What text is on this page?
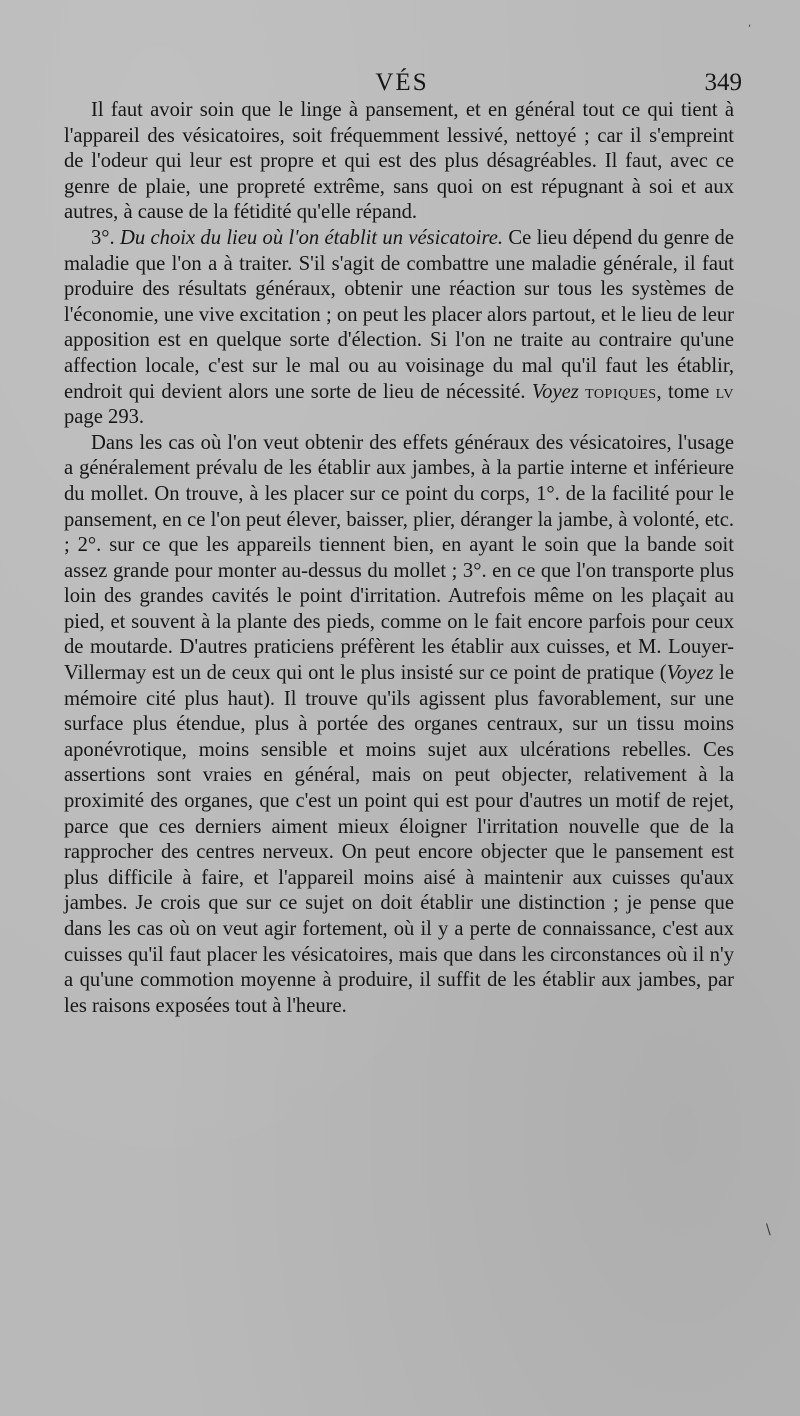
VÉS	349

Il faut avoir soin que le linge à pansement, et en général tout ce qui tient à l'appareil des vésicatoires, soit fréquemment lessivé, nettoyé ; car il s'empreint de l'odeur qui leur est propre et qui est des plus désagréables. Il faut, avec ce genre de plaie, une propreté extrême, sans quoi on est répugnant à soi et aux autres, à cause de la fétidité qu'elle répand.

3°. Du choix du lieu où l'on établit un vésicatoire. Ce lieu dépend du genre de maladie que l'on a à traiter. S'il s'agit de combattre une maladie générale, il faut produire des résultats généraux, obtenir une réaction sur tous les systèmes de l'économie, une vive excitation ; on peut les placer alors partout, et le lieu de leur apposition est en quelque sorte d'élection. Si l'on ne traite au contraire qu'une affection locale, c'est sur le mal ou au voisinage du mal qu'il faut les établir, endroit qui devient alors une sorte de lieu de nécessité. Voyez topiques, tome lv page 293.

Dans les cas où l'on veut obtenir des effets généraux des vésicatoires, l'usage a généralement prévalu de les établir aux jambes, à la partie interne et inférieure du mollet. On trouve, à les placer sur ce point du corps, 1°. de la facilité pour le pansement, en ce l'on peut élever, baisser, plier, déranger la jambe, à volonté, etc. ; 2°. sur ce que les appareils tiennent bien, en ayant le soin que la bande soit assez grande pour monter au-dessus du mollet ; 3°. en ce que l'on transporte plus loin des grandes cavités le point d'irritation. Autrefois même on les plaçait au pied, et souvent à la plante des pieds, comme on le fait encore parfois pour ceux de moutarde. D'autres praticiens préfèrent les établir aux cuisses, et M. Louyer-Villermay est un de ceux qui ont le plus insisté sur ce point de pratique (Voyez le mémoire cité plus haut). Il trouve qu'ils agissent plus favorablement, sur une surface plus étendue, plus à portée des organes centraux, sur un tissu moins aponévrotique, moins sensible et moins sujet aux ulcérations rebelles. Ces assertions sont vraies en général, mais on peut objecter, relativement à la proximité des organes, que c'est un point qui est pour d'autres un motif de rejet, parce que ces derniers aiment mieux éloigner l'irritation nouvelle que de la rapprocher des centres nerveux. On peut encore objecter que le pansement est plus difficile à faire, et l'appareil moins aisé à maintenir aux cuisses qu'aux jambes. Je crois que sur ce sujet on doit établir une distinction ; je pense que dans les cas où on veut agir fortement, où il y a perte de connaissance, c'est aux cuisses qu'il faut placer les vésicatoires, mais que dans les circonstances où il n'y a qu'une commotion moyenne à produire, il suffit de les établir aux jambes, par les raisons exposées tout à l'heure.

,
\
